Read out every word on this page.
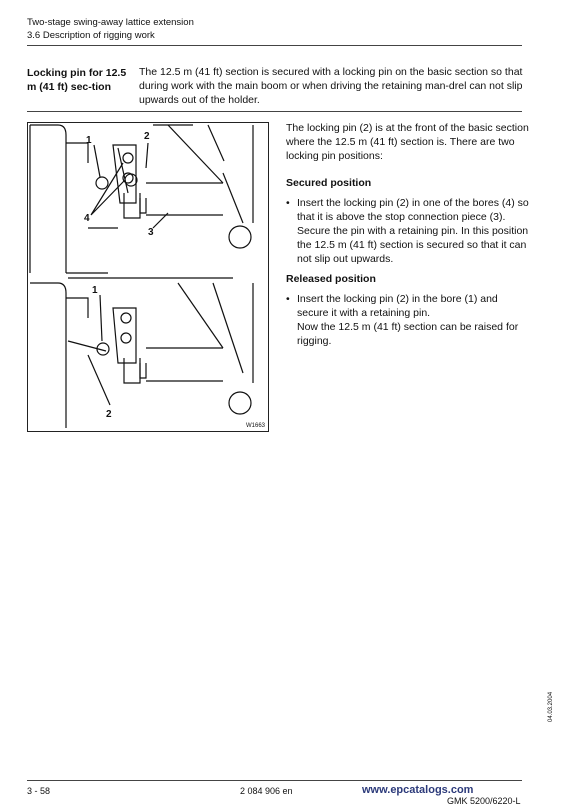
Two-stage swing-away lattice extension
3.6 Description of rigging work
Locking pin for 12.5 m (41 ft) sec-tion
The 12.5 m (41 ft) section is secured with a locking pin on the basic section so that during work with the main boom or when driving the retaining man-drel can not slip upwards out of the holder.
1	2
3
4
1
2
W1663
The locking pin (2) is at the front of the basic section where the 12.5 m (41 ft) section is. There are two locking pin positions:
Secured position
• Insert the locking pin (2) in one of the bores (4) so that it is above the stop connection piece (3). Secure the pin with a retaining pin. In this position the 12.5 m (41 ft) section is secured so that it can not slip out upwards.
Released position
• Insert the locking pin (2) in the bore (1) and secure it with a retaining pin.
Now the 12.5 m (41 ft) section can be raised for rigging.
04.03.2004
3 - 58	2 084 906 en	www.epcatalogs.com
GMK 5200/6220-L
